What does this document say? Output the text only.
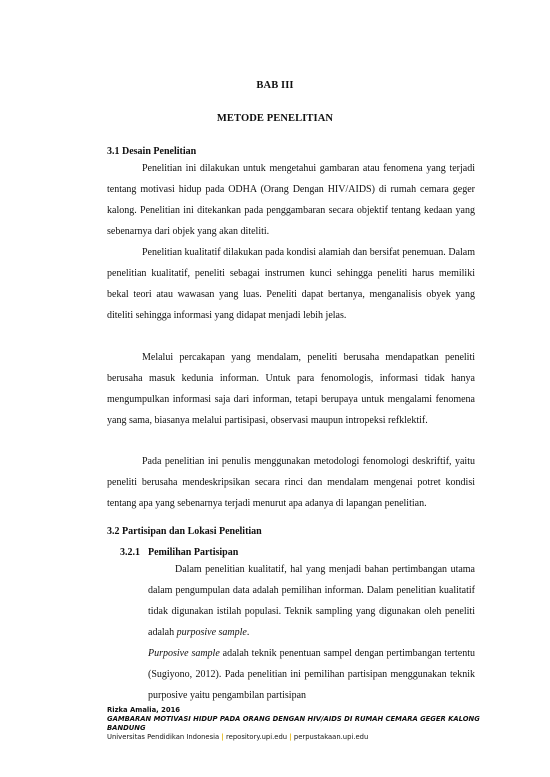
BAB III
METODE PENELITIAN
3.1 Desain Penelitian

Penelitian ini dilakukan untuk mengetahui gambaran atau fenomena yang terjadi tentang motivasi hidup pada ODHA (Orang Dengan HIV/AIDS) di rumah cemara geger kalong. Penelitian ini ditekankan pada penggambaran secara objektif tentang kedaan yang sebenarnya dari objek yang akan diteliti.

Penelitian kualitatif dilakukan pada kondisi alamiah dan bersifat penemuan. Dalam penelitian kualitatif, peneliti sebagai instrumen kunci sehingga peneliti harus memiliki bekal teori atau wawasan yang luas. Peneliti dapat bertanya, menganalisis obyek yang diteliti sehingga informasi yang didapat menjadi lebih jelas.

Melalui percakapan yang mendalam, peneliti berusaha mendapatkan peneliti berusaha masuk kedunia informan. Untuk para fenomologis, informasi tidak hanya mengumpulkan informasi saja dari informan, tetapi berupaya untuk mengalami fenomena yang sama, biasanya melalui partisipasi, observasi maupun intropeksi refklektif.

Pada penelitian ini penulis menggunakan metodologi fenomologi deskriftif, yaitu peneliti berusaha mendeskripsikan secara rinci dan mendalam mengenai potret kondisi tentang apa yang sebenarnya terjadi menurut apa adanya di lapangan penelitian.

3.2 Partisipan dan Lokasi Penelitian
3.2.1 Pemilihan Partisipan

Dalam penelitian kualitatif, hal yang menjadi bahan pertimbangan utama dalam pengumpulan data adalah pemilihan informan. Dalam penelitian kualitatif tidak digunakan istilah populasi. Teknik sampling yang digunakan oleh peneliti adalah purposive sample.

Purposive sample adalah teknik penentuan sampel dengan pertimbangan tertentu (Sugiyono, 2012). Pada penelitian ini pemilihan partisipan menggunakan teknik purposive yaitu pengambilan partisipan

Rizka Amalia, 2016
GAMBARAN MOTIVASI HIDUP PADA ORANG DENGAN HIV/AIDS DI RUMAH CEMARA GEGER KALONG BANDUNG
Universitas Pendidikan Indonesia | repository.upi.edu | perpustakaan.upi.edu
